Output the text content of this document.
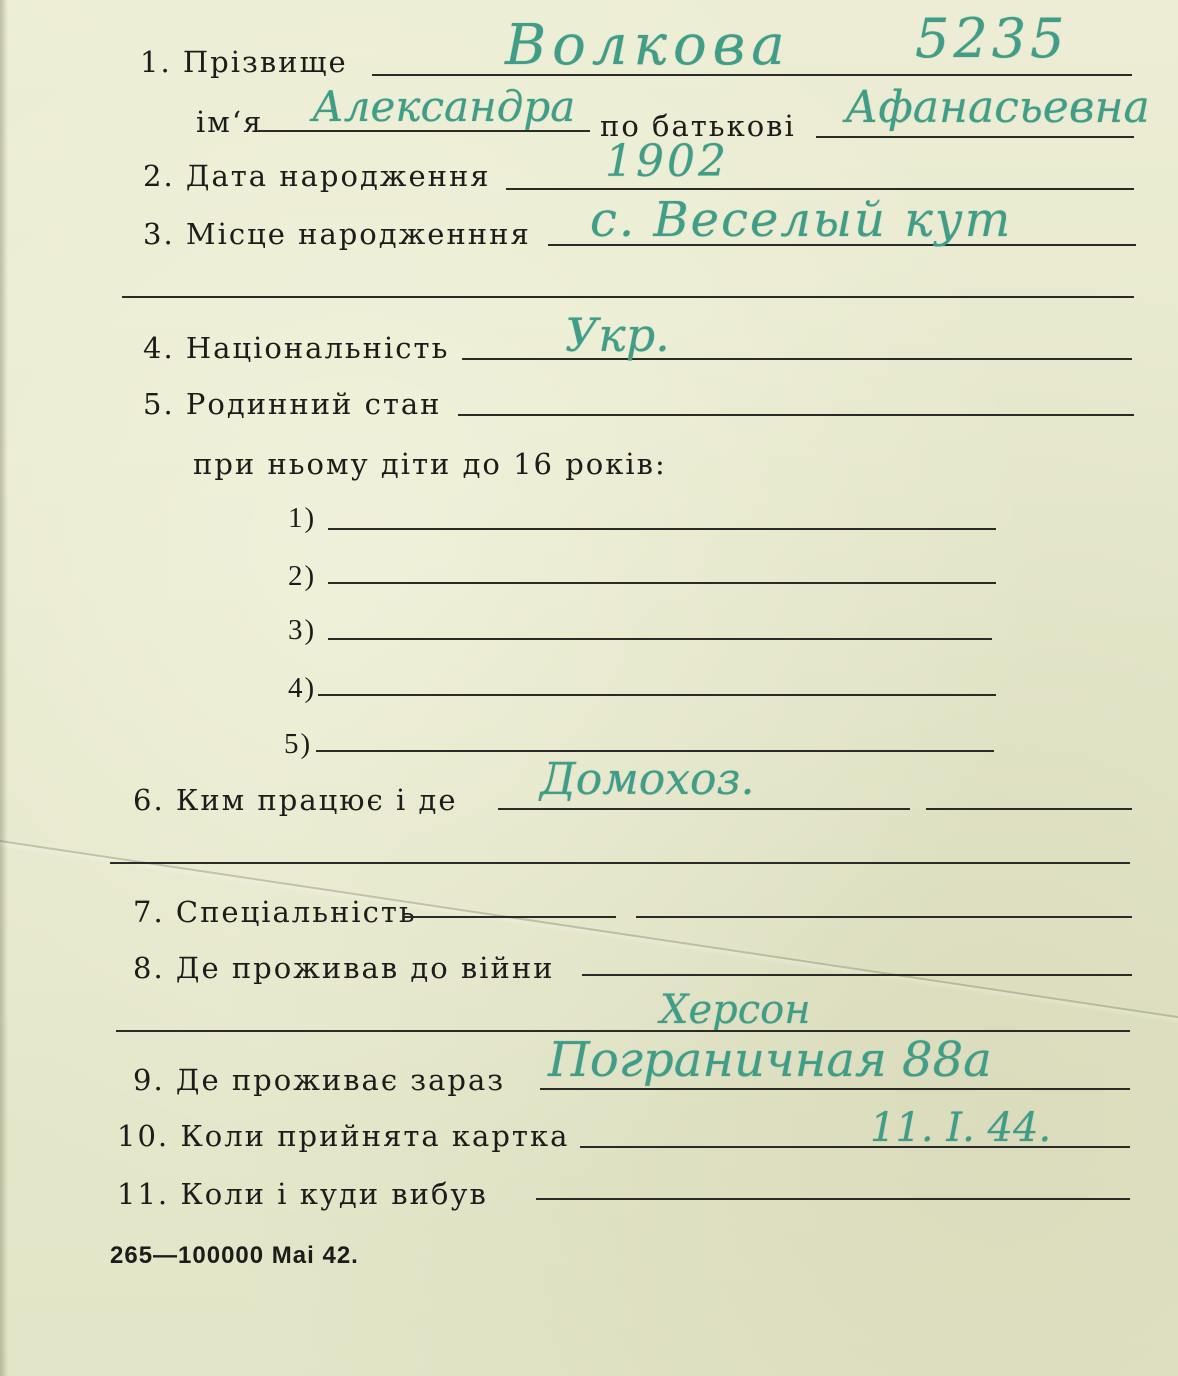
1. Прізвище	Волкова 5235
ім‘я Александра по батькові Афанасьевна
2. Дата народження	1902
3. Місце народженння с. Веселый кут
4. Національність	Укр.
5. Родинний стан
при ньому діти до 16 років:
1)
2)
3)
4)
5)
6. Ким працює і де Домохоз.
7. Спеціальність
8. Де проживав до війни
Херсон
9. Де проживає зараз Пограничная 88а
10. Коли прийнята картка	11. I. 44.
11. Коли і куди вибув
265—100000 Mai 42.
